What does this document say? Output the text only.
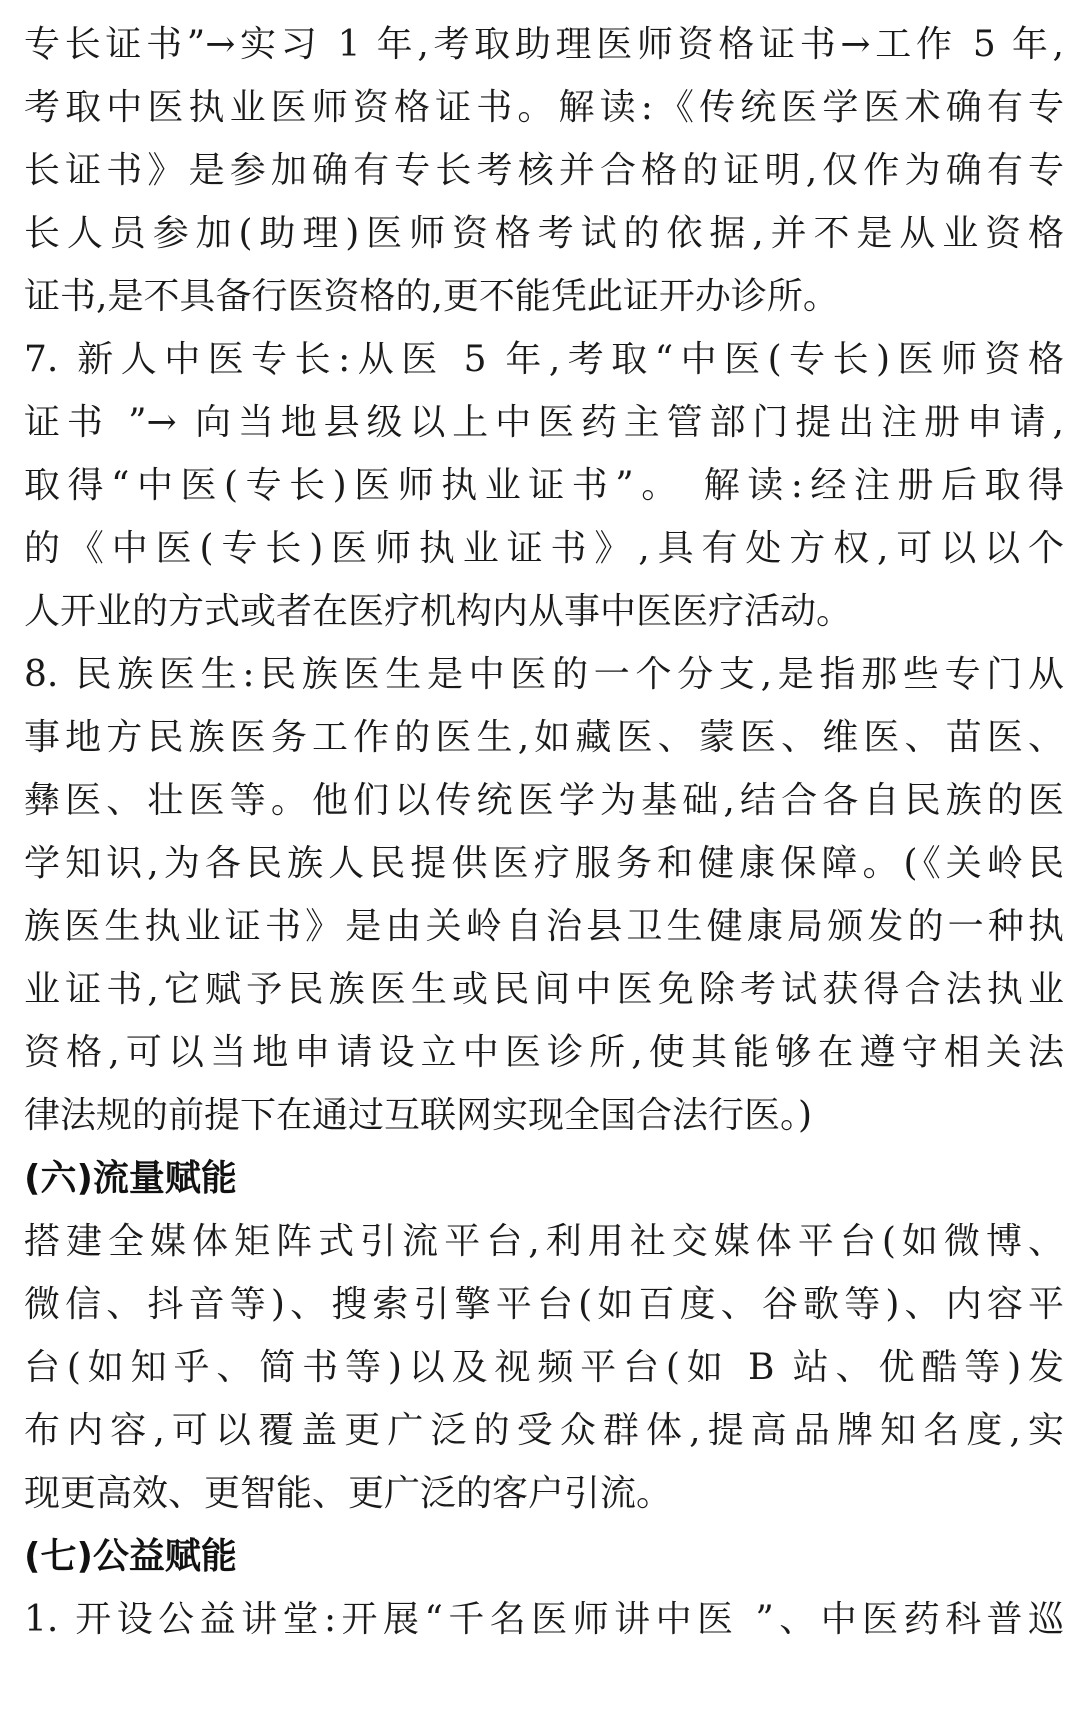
专长证书”→实习 1 年,考取助理医师资格证书→工作 5 年,
考取中医执业医师资格证书。解读:《传统医学医术确有专
长证书》是参加确有专长考核并合格的证明,仅作为确有专
长人员参加(助理)医师资格考试的依据,并不是从业资格
证书,是不具备行医资格的,更不能凭此证开办诊所。
7. 新人中医专长:从医 5 年,考取“中医(专长)医师资格
证书 ”→ 向当地县级以上中医药主管部门提出注册申请,
取得“中医(专长)医师执业证书”。 解读:经注册后取得
的《中医(专长)医师执业证书》,具有处方权,可以以个
人开业的方式或者在医疗机构内从事中医医疗活动。
8. 民族医生:民族医生是中医的一个分支,是指那些专门从
事地方民族医务工作的医生,如藏医、蒙医、维医、苗医、
彝医、壮医等。他们以传统医学为基础,结合各自民族的医
学知识,为各民族人民提供医疗服务和健康保障。(《关岭民
族医生执业证书》是由关岭自治县卫生健康局颁发的一种执
业证书,它赋予民族医生或民间中医免除考试获得合法执业
资格,可以当地申请设立中医诊所,使其能够在遵守相关法
律法规的前提下在通过互联网实现全国合法行医。)
(六)流量赋能
搭建全媒体矩阵式引流平台,利用社交媒体平台(如微博、
微信、抖音等)、搜索引擎平台(如百度、谷歌等)、内容平
台(如知乎、简书等)以及视频平台(如 B 站、优酷等)发
布内容,可以覆盖更广泛的受众群体,提高品牌知名度,实
现更高效、更智能、更广泛的客户引流。
(七)公益赋能
1. 开设公益讲堂:开展“千名医师讲中医 ”、中医药科普巡
